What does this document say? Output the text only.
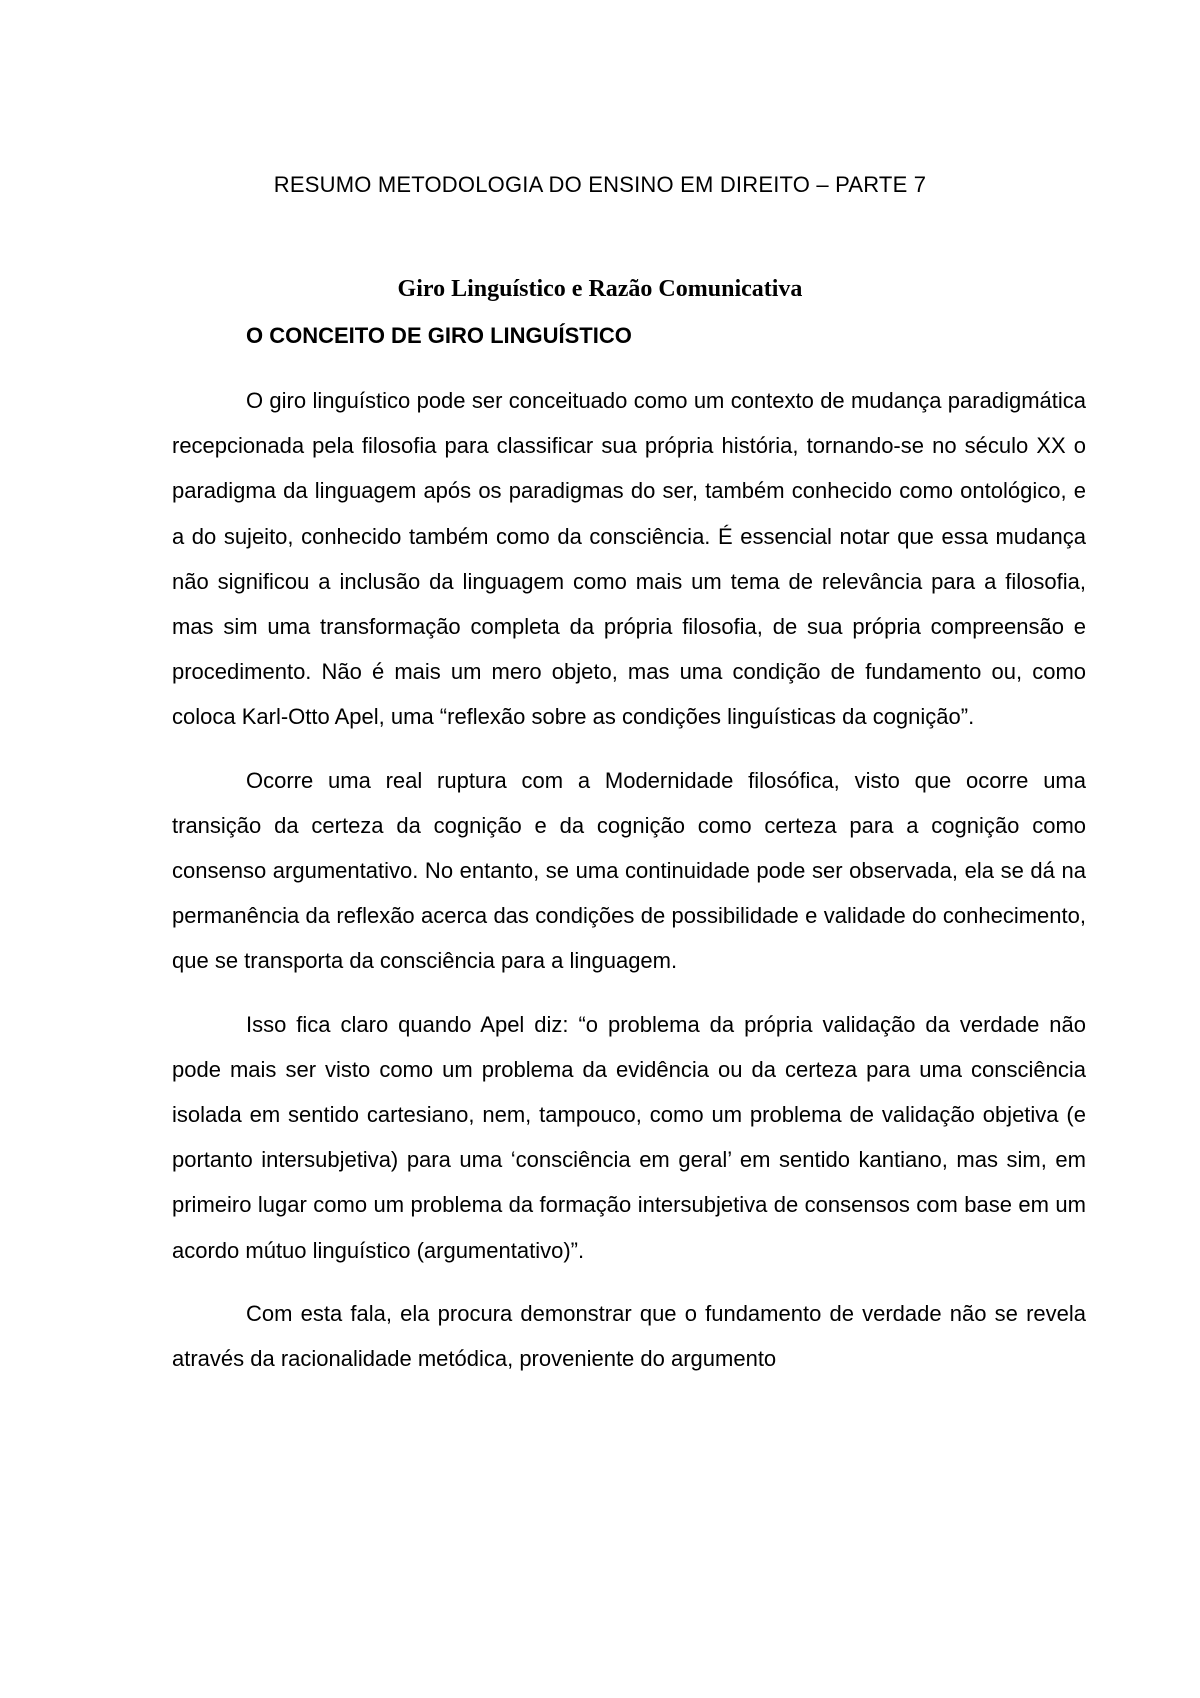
RESUMO METODOLOGIA DO ENSINO EM DIREITO – PARTE 7
Giro Linguístico e Razão Comunicativa
O CONCEITO DE GIRO LINGUÍSTICO

O giro linguístico pode ser conceituado como um contexto de mudança paradigmática recepcionada pela filosofia para classificar sua própria história, tornando-se no século XX o paradigma da linguagem após os paradigmas do ser, também conhecido como ontológico, e a do sujeito, conhecido também como da consciência. É essencial notar que essa mudança não significou a inclusão da linguagem como mais um tema de relevância para a filosofia, mas sim uma transformação completa da própria filosofia, de sua própria compreensão e procedimento. Não é mais um mero objeto, mas uma condição de fundamento ou, como coloca Karl-Otto Apel, uma “reflexão sobre as condições linguísticas da cognição”.

Ocorre uma real ruptura com a Modernidade filosófica, visto que ocorre uma transição da certeza da cognição e da cognição como certeza para a cognição como consenso argumentativo. No entanto, se uma continuidade pode ser observada, ela se dá na permanência da reflexão acerca das condições de possibilidade e validade do conhecimento, que se transporta da consciência para a linguagem.

Isso fica claro quando Apel diz: “o problema da própria validação da verdade não pode mais ser visto como um problema da evidência ou da certeza para uma consciência isolada em sentido cartesiano, nem, tampouco, como um problema de validação objetiva (e portanto intersubjetiva) para uma ‘consciência em geral’ em sentido kantiano, mas sim, em primeiro lugar como um problema da formação intersubjetiva de consensos com base em um acordo mútuo linguístico (argumentativo)”.

Com esta fala, ela procura demonstrar que o fundamento de verdade não se revela através da racionalidade metódica, proveniente do argumento
